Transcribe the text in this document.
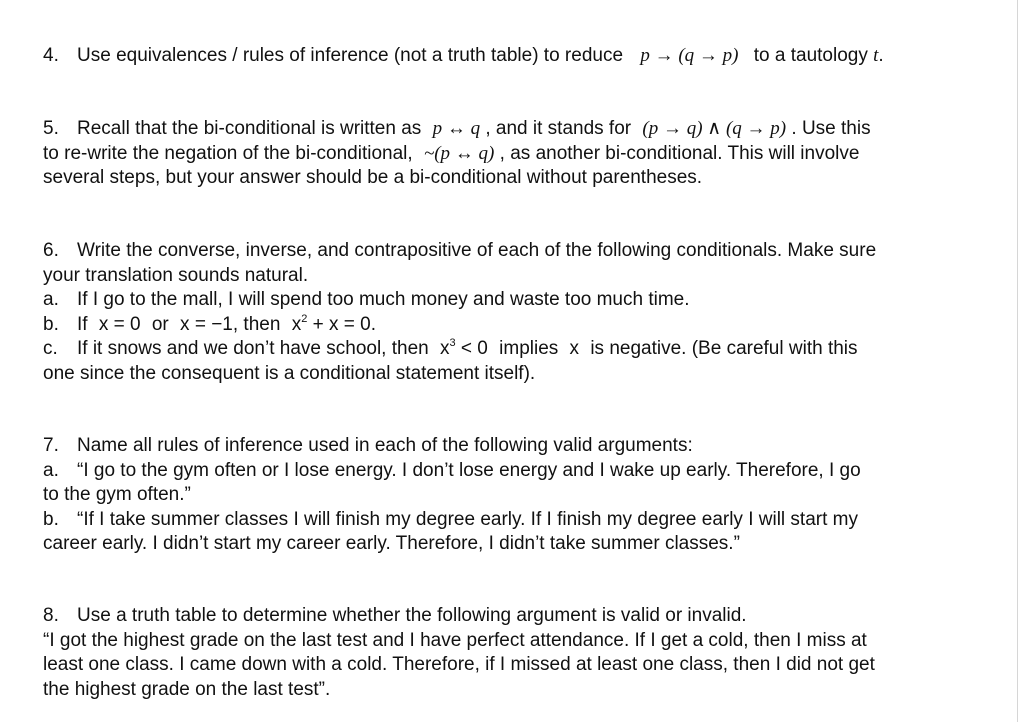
4. Use equivalences / rules of inference (not a truth table) to reduce p → (q → p) to a tautology t.
5. Recall that the bi-conditional is written as p ↔ q , and it stands for (p → q) ∧ (q → p) . Use this
to re-write the negation of the bi-conditional, ~(p ↔ q) , as another bi-conditional. This will involve
several steps, but your answer should be a bi-conditional without parentheses.
6. Write the converse, inverse, and contrapositive of each of the following conditionals. Make sure
your translation sounds natural.
a. If I go to the mall, I will spend too much money and waste too much time.
b. If x = 0 or x = −1, then $x^2 + x = 0$.
c. If it snows and we don’t have school, then $x^3 < 0$ implies x is negative. (Be careful with this
one since the consequent is a conditional statement itself).
7. Name all rules of inference used in each of the following valid arguments:
a. “I go to the gym often or I lose energy. I don’t lose energy and I wake up early. Therefore, I go
to the gym often.”
b. “If I take summer classes I will finish my degree early. If I finish my degree early I will start my
career early. I didn’t start my career early. Therefore, I didn’t take summer classes.”
8. Use a truth table to determine whether the following argument is valid or invalid.
“I got the highest grade on the last test and I have perfect attendance. If I get a cold, then I miss at
least one class. I came down with a cold. Therefore, if I missed at least one class, then I did not get
the highest grade on the last test”.
